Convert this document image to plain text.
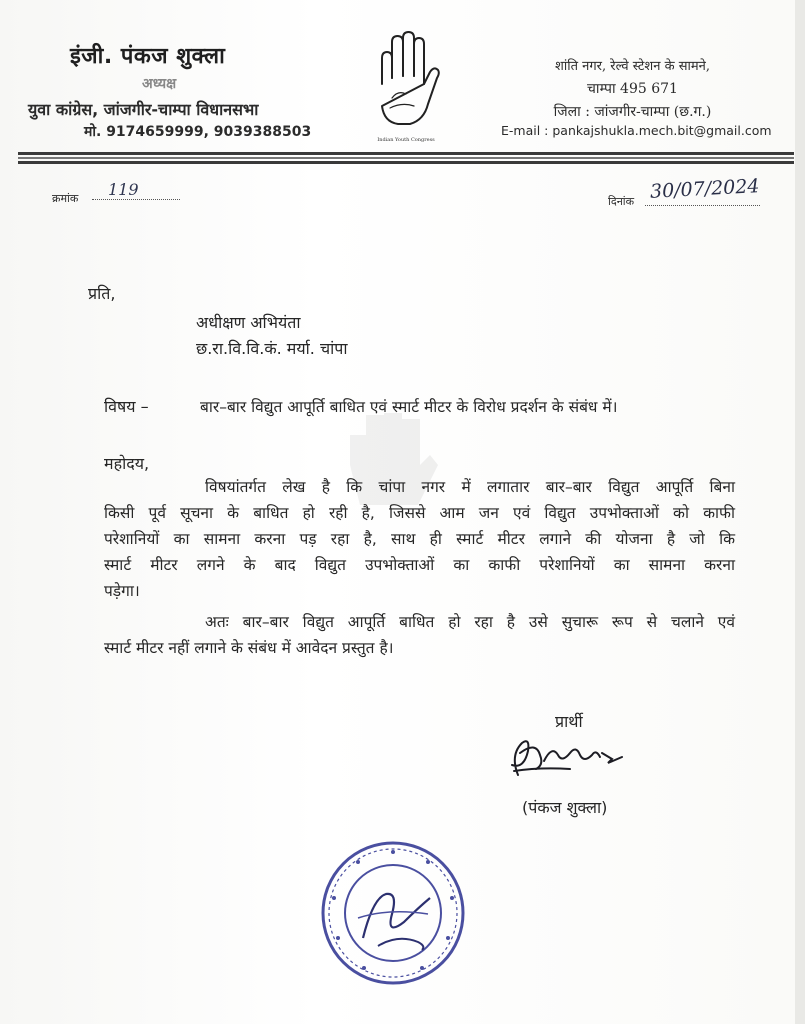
इंजी. पंकज शुक्ला
अध्यक्ष
युवा कांग्रेस, जांजगीर-चाम्पा विधानसभा
मो. 9174659999, 9039388503	Indian Youth Congress
शांति नगर, रेल्वे स्टेशन के सामने,
चाम्पा 495 671
जिला : जांजगीर-चाम्पा (छ.ग.)
E-mail : pankajshukla.mech.bit@gmail.com
क्रमांक 119
दिनांक 30/07/2024
प्रति,
अधीक्षण अभियंता
छ.रा.वि.वि.कं. मर्या. चांपा
विषय –	बार–बार विद्युत आपूर्ति बाधित एवं स्मार्ट मीटर के विरोध प्रदर्शन के संबंध में।
महोदय,
विषयांतर्गत लेख है कि चांपा नगर में लगातार बार–बार विद्युत आपूर्ति बिना
किसी पूर्व सूचना के बाधित हो रही है, जिससे आम जन एवं विद्युत उपभोक्ताओं को काफी
परेशानियों का सामना करना पड़ रहा है, साथ ही स्मार्ट मीटर लगाने की योजना है जो कि
स्मार्ट मीटर लगने के बाद विद्युत उपभोक्ताओं का काफी परेशानियों का सामना करना
पड़ेगा।
अतः बार–बार विद्युत आपूर्ति बाधित हो रहा है उसे सुचारू रूप से चलाने एवं
स्मार्ट मीटर नहीं लगाने के संबंध में आवेदन प्रस्तुत है।
प्रार्थी
(पंकज शुक्ला)
